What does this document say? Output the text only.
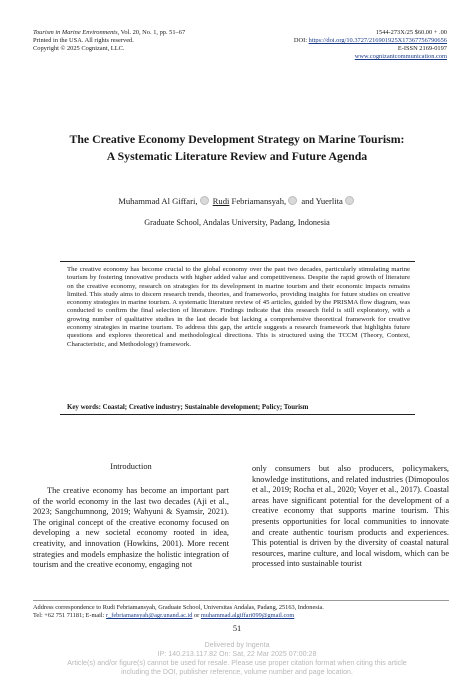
Tourism in Marine Environments, Vol. 20, No. 1, pp. 51–67
Printed in the USA. All rights reserved.
Copyright © 2025 Cognizant, LLC.
1544-273X/25 $60.00 + .00
DOI: https://doi.org/10.3727/216901925X17367756790656
E-ISSN 2169-0197
www.cognizantcommunication.com
The Creative Economy Development Strategy on Marine Tourism:
A Systematic Literature Review and Future Agenda
Muhammad Al Giffari, Rudi Febriamansyah, and Yuerlita
Graduate School, Andalas University, Padang, Indonesia
The creative economy has become crucial to the global economy over the past two decades, particularly stimulating marine tourism by fostering innovative products with higher added value and competitiveness. Despite the rapid growth of literature on the creative economy, research on strategies for its development in marine tourism and their economic impacts remains limited. This study aims to discern research trends, theories, and frameworks, providing insights for future studies on creative economy strategies in marine tourism. A systematic literature review of 45 articles, guided by the PRISMA flow diagram, was conducted to confirm the final selection of literature. Findings indicate that this research field is still exploratory, with a growing number of qualitative studies in the last decade but lacking a comprehensive theoretical framework for creative economy strategies in marine tourism. To address this gap, the article suggests a research framework that highlights future questions and explores theoretical and methodological directions. This is structured using the TCCM (Theory, Context, Characteristic, and Methodology) framework.
Key words: Coastal; Creative industry; Sustainable development; Policy; Tourism
Introduction
The creative economy has become an important part of the world economy in the last two decades (Aji et al., 2023; Sangchumnong, 2019; Wahyuni & Syamsir, 2021). The original concept of the creative economy focused on developing a new societal economy rooted in idea, creativity, and innovation (Howkins, 2001). More recent strategies and models emphasize the holistic integration of tourism and the creative economy, engaging not
only consumers but also producers, policymakers, knowledge institutions, and related industries (Dimopoulos et al., 2019; Rocha et al., 2020; Voyer et al., 2017). Coastal areas have significant potential for the development of a creative economy that supports marine tourism. This presents opportunities for local communities to innovate and create authentic tourism products and experiences. This potential is driven by the diversity of coastal natural resources, marine culture, and local wisdom, which can be processed into sustainable tourist
Address correspondence to Rudi Febriamansyah, Graduate School, Universitas Andalas, Padang, 25163, Indonesia.
Tel: +62 751 71181; E-mail: r_febriamansyah@agr.unand.ac.id or muhammad.algiffari099@gmail.com
51
Delivered by Ingenta
IP: 140.213.117.82 On: Sat, 22 Mar 2025 07:00:28
Article(s) and/or figure(s) cannot be used for resale. Please use proper citation format when citing this article
including the DOI, publisher reference, volume number and page location.
